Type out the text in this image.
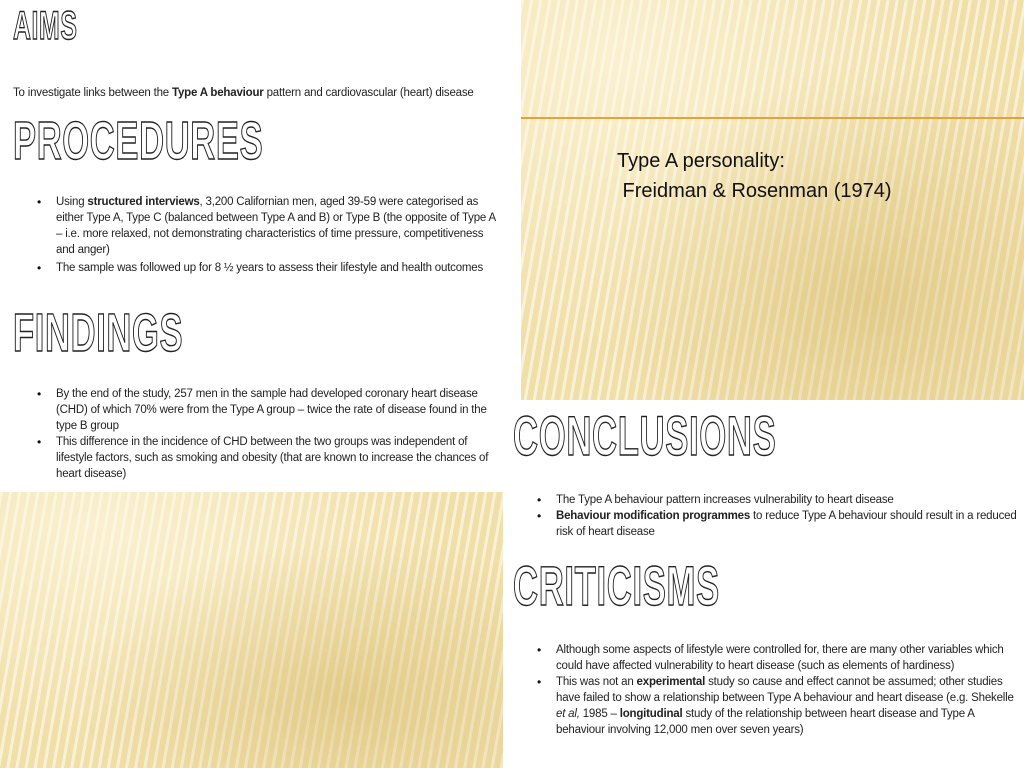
Type A personality:
Freidman & Rosenman (1974)
AIMS
To investigate links between the Type A behaviour pattern and cardiovascular (heart) disease
PROCEDURES
• Using structured interviews, 3,200 Californian men, aged 39-59 were categorised as either Type A, Type C (balanced between Type A and B) or Type B (the opposite of Type A – i.e. more relaxed, not demonstrating characteristics of time pressure, competitiveness and anger)
• The sample was followed up for 8 ½ years to assess their lifestyle and health outcomes
FINDINGS
• By the end of the study, 257 men in the sample had developed coronary heart disease (CHD) of which 70% were from the Type A group – twice the rate of disease found in the type B group
• This difference in the incidence of CHD between the two groups was independent of lifestyle factors, such as smoking and obesity (that are known to increase the chances of heart disease)
CONCLUSIONS
• The Type A behaviour pattern increases vulnerability to heart disease
• Behaviour modification programmes to reduce Type A behaviour should result in a reduced risk of heart disease
CRITICISMS
• Although some aspects of lifestyle were controlled for, there are many other variables which could have affected vulnerability to heart disease (such as elements of hardiness)
• This was not an experimental study so cause and effect cannot be assumed; other studies have failed to show a relationship between Type A behaviour and heart disease (e.g. Shekelle et al, 1985 – longitudinal study of the relationship between heart disease and Type A behaviour involving 12,000 men over seven years)
